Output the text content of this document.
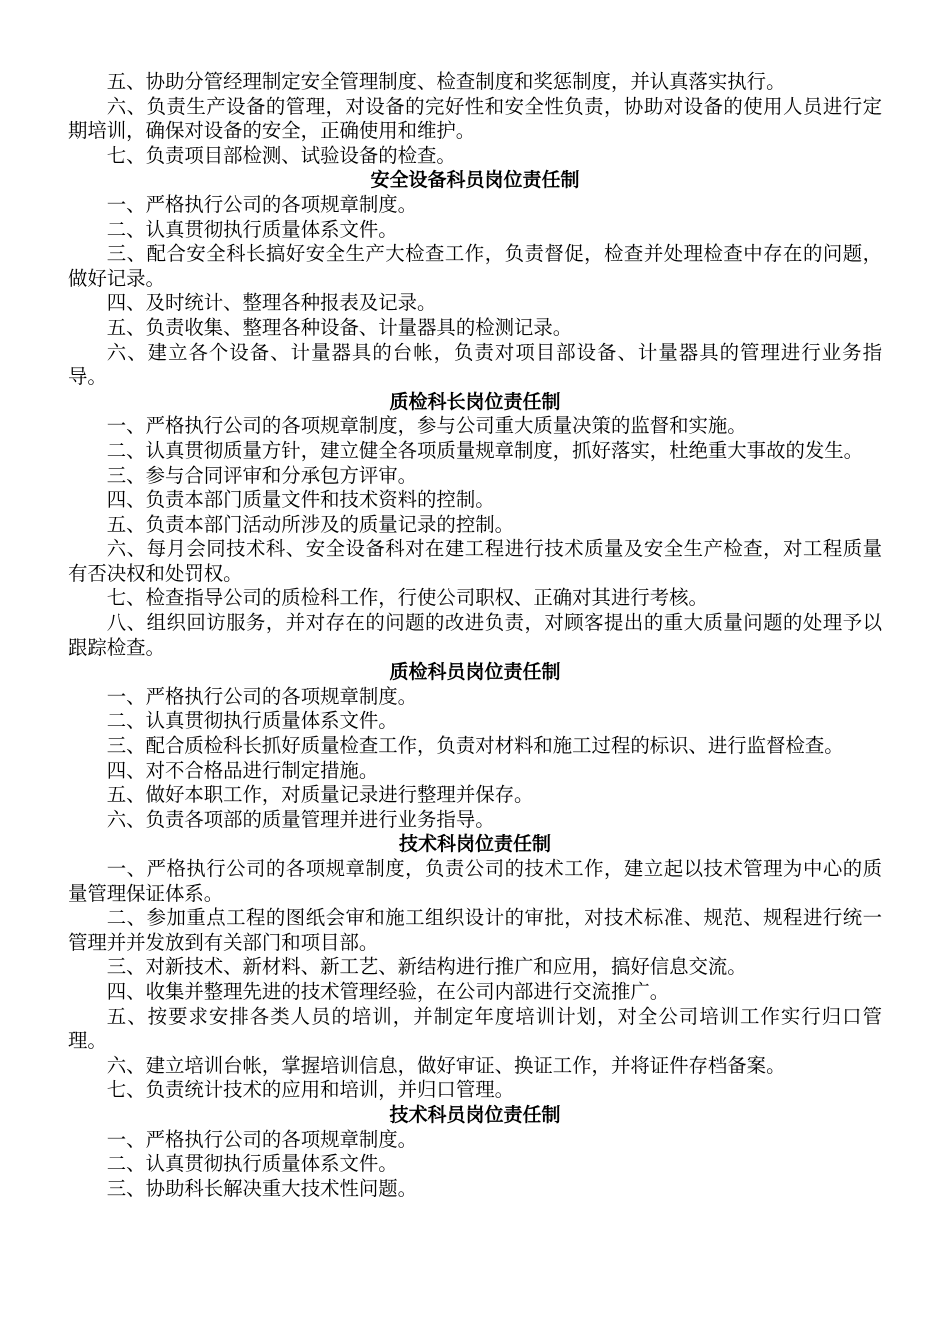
五、协助分管经理制定安全管理制度、检查制度和奖惩制度，并认真落实执行。

六、负责生产设备的管理，对设备的完好性和安全性负责，协助对设备的使用人员进行定期培训，确保对设备的安全，正确使用和维护。

七、负责项目部检测、试验设备的检查。

安全设备科员岗位责任制

一、严格执行公司的各项规章制度。

二、认真贯彻执行质量体系文件。

三、配合安全科长搞好安全生产大检查工作，负责督促，检查并处理检查中存在的问题，做好记录。

四、及时统计、整理各种报表及记录。

五、负责收集、整理各种设备、计量器具的检测记录。

六、建立各个设备、计量器具的台帐，负责对项目部设备、计量器具的管理进行业务指导。

质检科长岗位责任制

一、严格执行公司的各项规章制度，参与公司重大质量决策的监督和实施。

二、认真贯彻质量方针，建立健全各项质量规章制度，抓好落实，杜绝重大事故的发生。

三、参与合同评审和分承包方评审。

四、负责本部门质量文件和技术资料的控制。

五、负责本部门活动所涉及的质量记录的控制。

六、每月会同技术科、安全设备科对在建工程进行技术质量及安全生产检查，对工程质量有否决权和处罚权。

七、检查指导公司的质检科工作，行使公司职权、正确对其进行考核。

八、组织回访服务，并对存在的问题的改进负责，对顾客提出的重大质量问题的处理予以跟踪检查。

质检科员岗位责任制

一、严格执行公司的各项规章制度。

二、认真贯彻执行质量体系文件。

三、配合质检科长抓好质量检查工作，负责对材料和施工过程的标识、进行监督检查。

四、对不合格品进行制定措施。

五、做好本职工作，对质量记录进行整理并保存。

六、负责各项部的质量管理并进行业务指导。

技术科岗位责任制

一、严格执行公司的各项规章制度，负责公司的技术工作，建立起以技术管理为中心的质量管理保证体系。

二、参加重点工程的图纸会审和施工组织设计的审批，对技术标准、规范、规程进行统一管理并并发放到有关部门和项目部。

三、对新技术、新材料、新工艺、新结构进行推广和应用，搞好信息交流。

四、收集并整理先进的技术管理经验，在公司内部进行交流推广。

五、按要求安排各类人员的培训，并制定年度培训计划，对全公司培训工作实行归口管理。

六、建立培训台帐，掌握培训信息，做好审证、换证工作，并将证件存档备案。

七、负责统计技术的应用和培训，并归口管理。

技术科员岗位责任制

一、严格执行公司的各项规章制度。

二、认真贯彻执行质量体系文件。

三、协助科长解决重大技术性问题。
